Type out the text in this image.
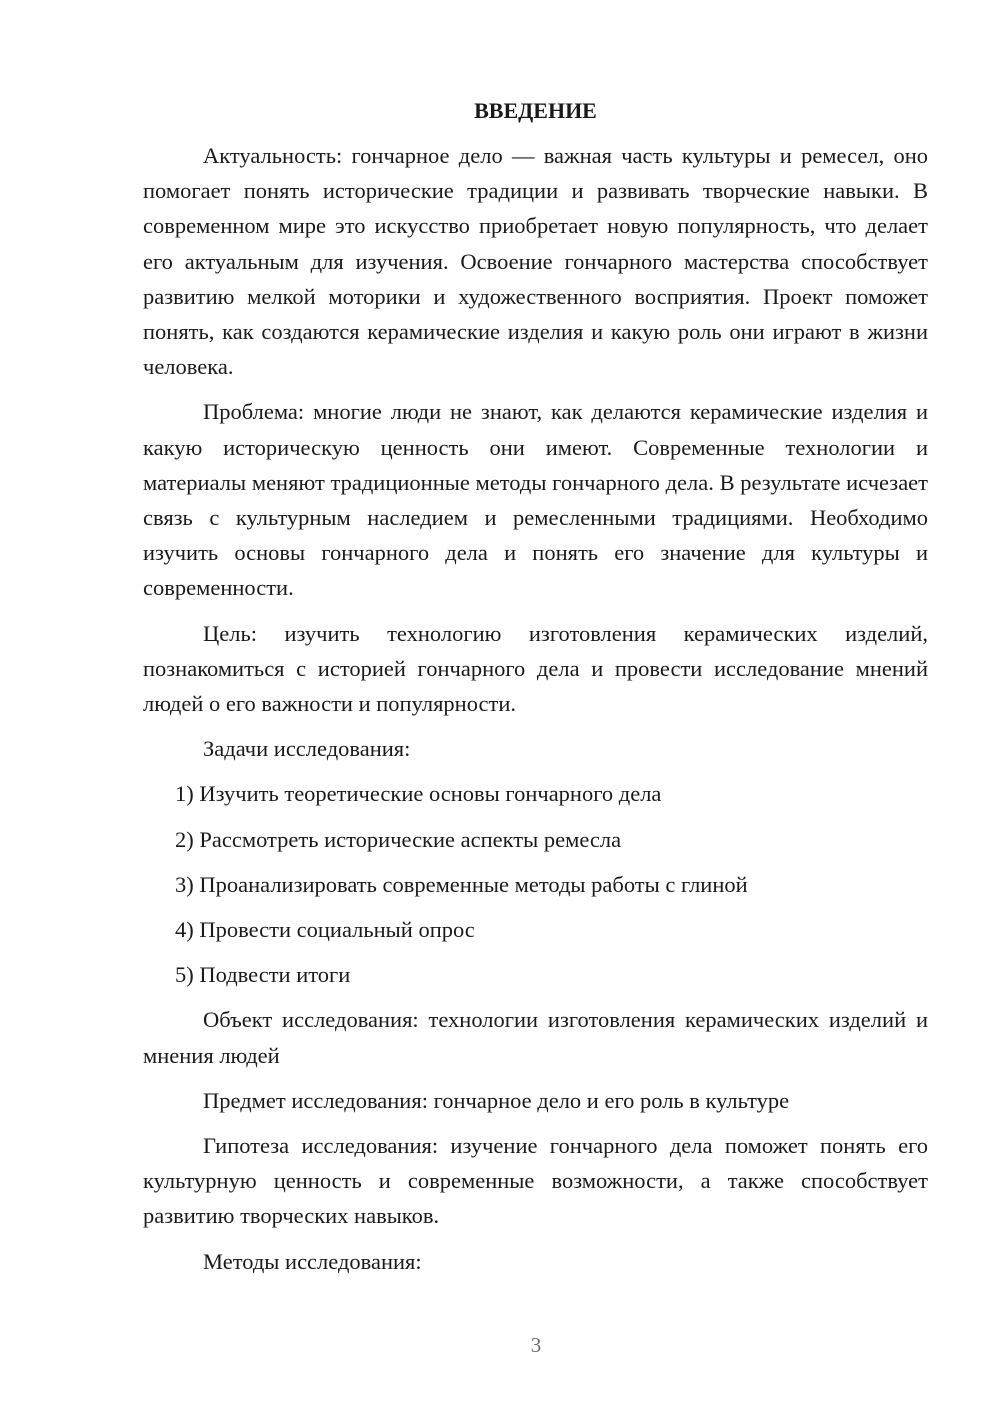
ВВЕДЕНИЕ

Актуальность: гончарное дело — важная часть культуры и ремесел, оно помогает понять исторические традиции и развивать творческие навыки. В современном мире это искусство приобретает новую популярность, что делает его актуальным для изучения. Освоение гончарного мастерства способствует развитию мелкой моторики и художественного восприятия. Проект поможет понять, как создаются керамические изделия и какую роль они играют в жизни человека.

Проблема: многие люди не знают, как делаются керамические изделия и какую историческую ценность они имеют. Современные технологии и материалы меняют традиционные методы гончарного дела. В результате исчезает связь с культурным наследием и ремесленными традициями. Необходимо изучить основы гончарного дела и понять его значение для культуры и современности.

Цель: изучить технологию изготовления керамических изделий, познакомиться с историей гончарного дела и провести исследование мнений людей о его важности и популярности.

Задачи исследования:

1) Изучить теоретические основы гончарного дела
2) Рассмотреть исторические аспекты ремесла
3) Проанализировать современные методы работы с глиной
4) Провести социальный опрос
5) Подвести итоги

Объект исследования: технологии изготовления керамических изделий и мнения людей

Предмет исследования: гончарное дело и его роль в культуре

Гипотеза исследования: изучение гончарного дела поможет понять его культурную ценность и современные возможности, а также способствует развитию творческих навыков.

Методы исследования:

3
